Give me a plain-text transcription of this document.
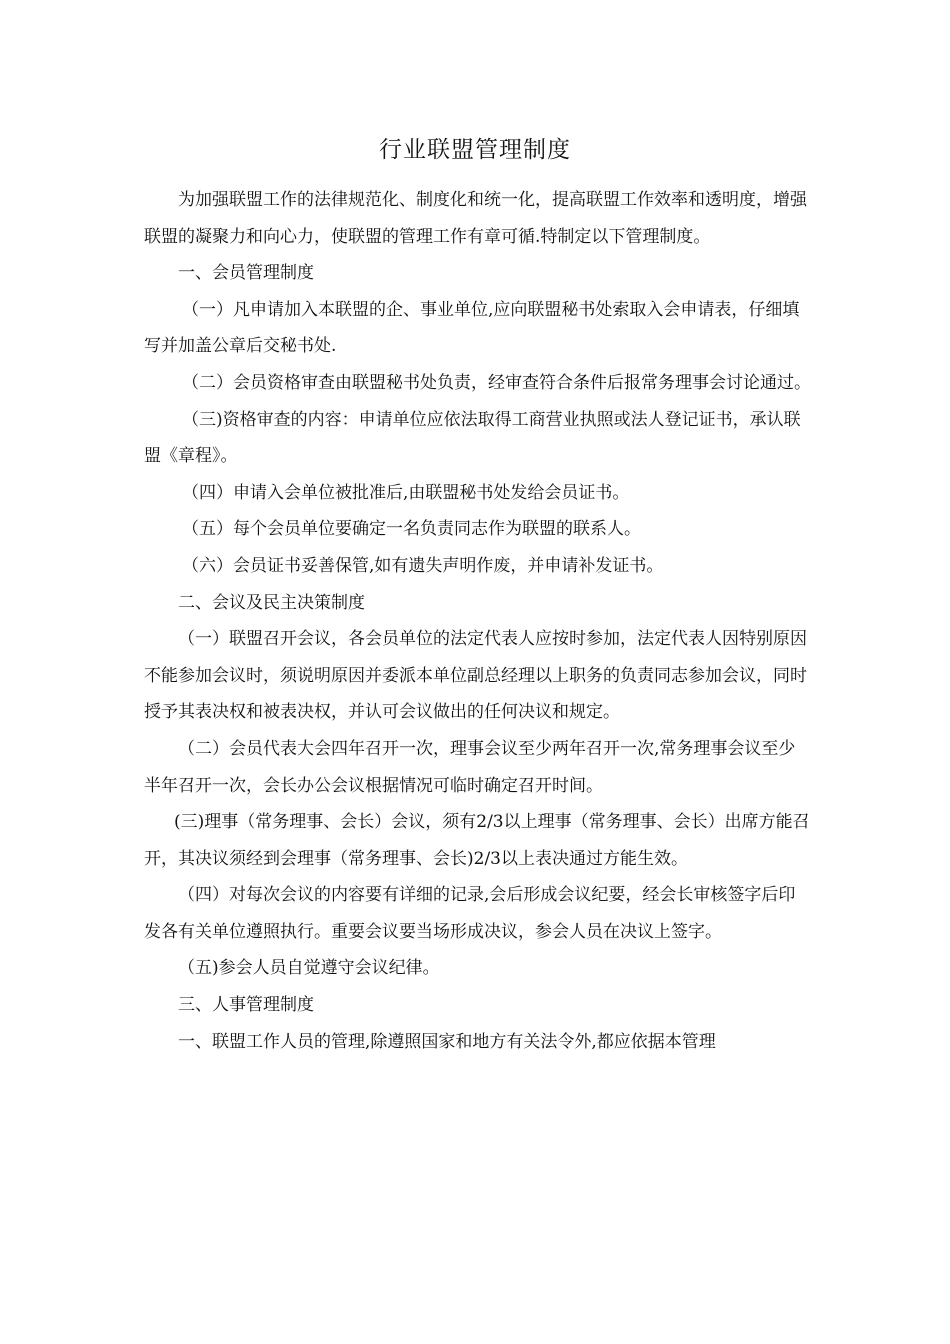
行业联盟管理制度

为加强联盟工作的法律规范化、制度化和统一化，提高联盟工作效率和透明度，增强联盟的凝聚力和向心力，使联盟的管理工作有章可循.特制定以下管理制度。

一、会员管理制度

（一）凡申请加入本联盟的企、事业单位,应向联盟秘书处索取入会申请表，仔细填写并加盖公章后交秘书处.

（二）会员资格审查由联盟秘书处负责，经审查符合条件后报常务理事会讨论通过。

（三)资格审查的内容：申请单位应依法取得工商营业执照或法人登记证书，承认联盟《章程》。

（四）申请入会单位被批准后,由联盟秘书处发给会员证书。

（五）每个会员单位要确定一名负责同志作为联盟的联系人。

（六）会员证书妥善保管,如有遗失声明作废，并申请补发证书。

二、会议及民主决策制度

（一）联盟召开会议，各会员单位的法定代表人应按时参加，法定代表人因特别原因不能参加会议时，须说明原因并委派本单位副总经理以上职务的负责同志参加会议，同时授予其表决权和被表决权，并认可会议做出的任何决议和规定。

（二）会员代表大会四年召开一次，理事会议至少两年召开一次,常务理事会议至少半年召开一次，会长办公会议根据情况可临时确定召开时间。

(三)理事（常务理事、会长）会议，须有2/3以上理事（常务理事、会长）出席方能召开，其决议须经到会理事（常务理事、会长)2/3以上表决通过方能生效。

（四）对每次会议的内容要有详细的记录,会后形成会议纪要，经会长审核签字后印发各有关单位遵照执行。重要会议要当场形成决议，参会人员在决议上签字。

（五)参会人员自觉遵守会议纪律。

三、人事管理制度

一、联盟工作人员的管理,除遵照国家和地方有关法令外,都应依据本管理
